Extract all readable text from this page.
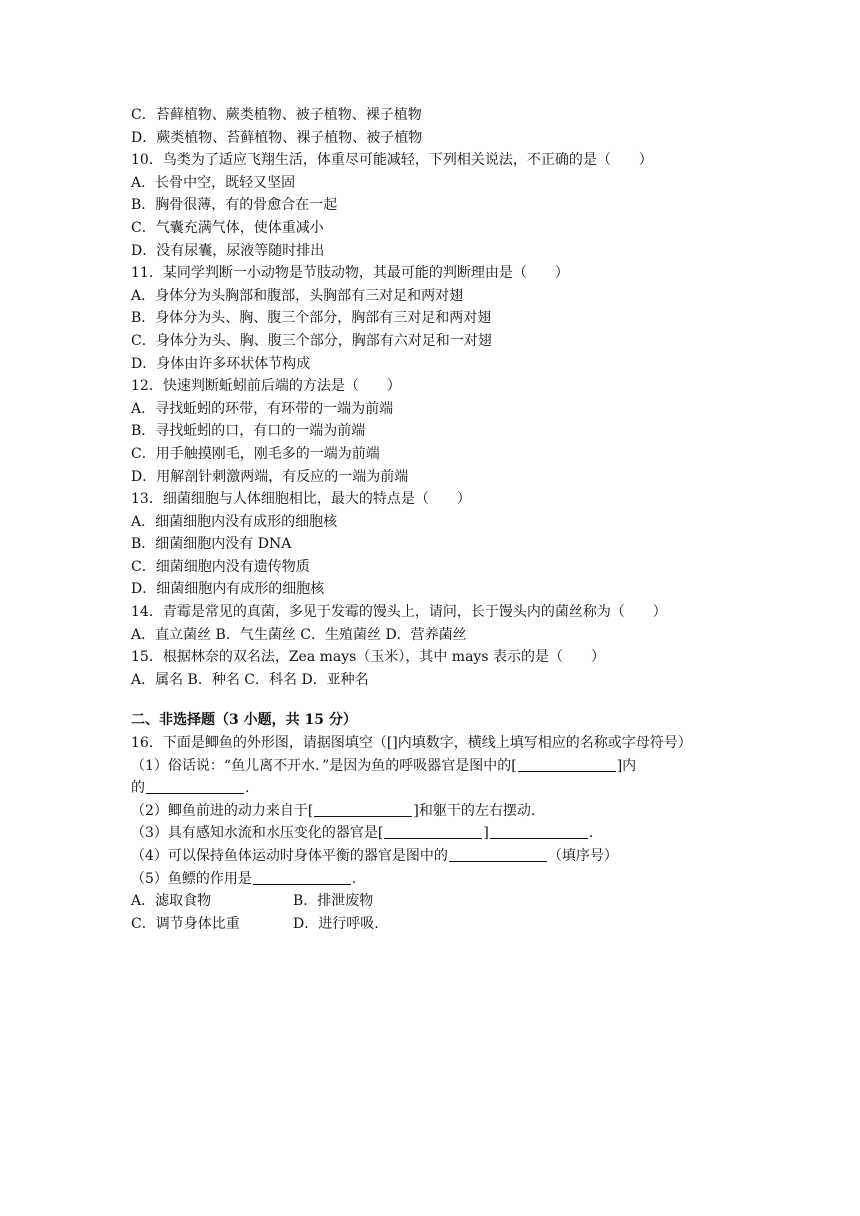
C．苔藓植物、蕨类植物、被子植物、裸子植物
D．蕨类植物、苔藓植物、裸子植物、被子植物
10．鸟类为了适应飞翔生活，体重尽可能减轻，下列相关说法，不正确的是（　　）
A．长骨中空，既轻又坚固
B．胸骨很薄，有的骨愈合在一起
C．气囊充满气体，使体重减小
D．没有尿囊，尿液等随时排出
11．某同学判断一小动物是节肢动物，其最可能的判断理由是（　　）
A．身体分为头胸部和腹部，头胸部有三对足和两对翅
B．身体分为头、胸、腹三个部分，胸部有三对足和两对翅
C．身体分为头、胸、腹三个部分，胸部有六对足和一对翅
D．身体由许多环状体节构成
12．快速判断蚯蚓前后端的方法是（　　）
A．寻找蚯蚓的环带，有环带的一端为前端
B．寻找蚯蚓的口，有口的一端为前端
C．用手触摸刚毛，刚毛多的一端为前端
D．用解剖针刺激两端，有反应的一端为前端
13．细菌细胞与人体细胞相比，最大的特点是（　　）
A．细菌细胞内没有成形的细胞核
B．细菌细胞内没有 DNA
C．细菌细胞内没有遗传物质
D．细菌细胞内有成形的细胞核
14．青霉是常见的真菌，多见于发霉的馒头上，请问，长于馒头内的菌丝称为（　　）
A．直立菌丝 B．气生菌丝 C．生殖菌丝 D．营养菌丝
15．根据林奈的双名法，Zea mays（玉米），其中 mays 表示的是（　　）
A．属名 B．种名 C．科名 D．亚种名
二、非选择题（3 小题，共 15 分）
16．下面是鲫鱼的外形图，请据图填空（[]内填数字，横线上填写相应的名称或字母符号）
（1）俗话说：“鱼儿离不开水．”是因为鱼的呼吸器官是图中的[	]内
的	.
（2）鲫鱼前进的动力来自于[	]和躯干的左右摆动.
（3）具有感知水流和水压变化的器官是[	]	.
（4）可以保持鱼体运动时身体平衡的器官是图中的	（填序号）
（5）鱼鳔的作用是	.
A．滤取食物	B．排泄废物
C．调节身体比重	D．进行呼吸.
